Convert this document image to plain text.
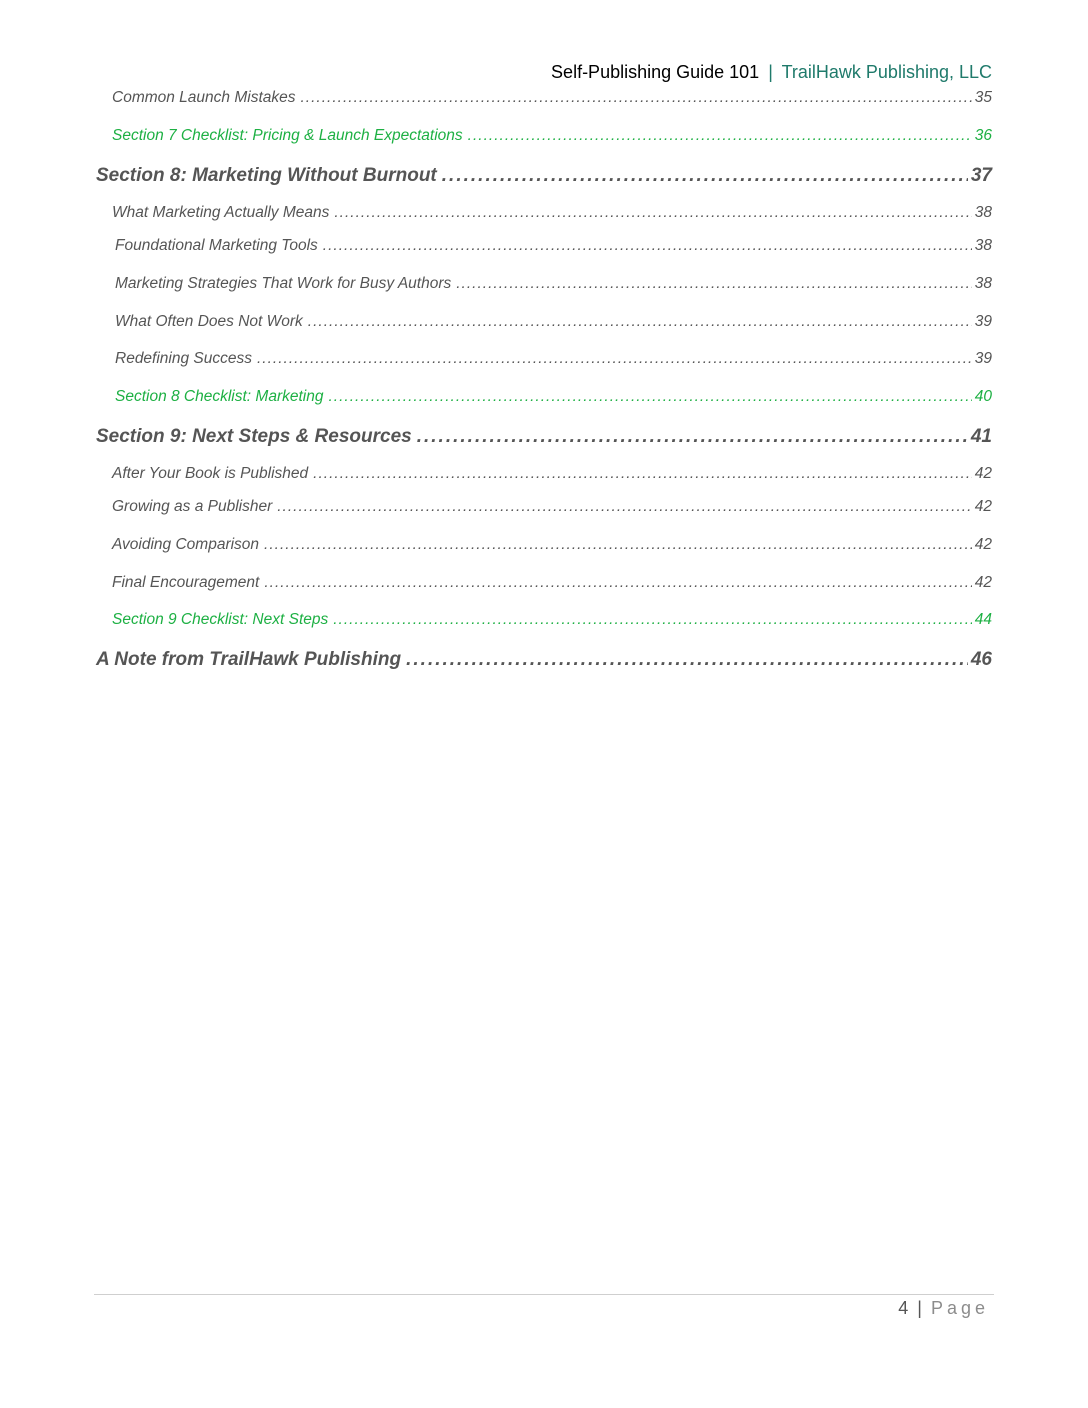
Self-Publishing Guide 101 | TrailHawk Publishing, LLC
Common Launch Mistakes .....	35
Section 7 Checklist: Pricing & Launch Expectations .....	36
Section 8: Marketing Without Burnout .....	37
What Marketing Actually Means .....	38
Foundational Marketing Tools .....	38
Marketing Strategies That Work for Busy Authors .....	38
What Often Does Not Work .....	39
Redefining Success .....	39
Section 8 Checklist: Marketing .....	40
Section 9: Next Steps & Resources .....	41
After Your Book is Published .....	42
Growing as a Publisher .....	42
Avoiding Comparison .....	42
Final Encouragement .....	42
Section 9 Checklist: Next Steps .....	44
A Note from TrailHawk Publishing .....	46
4 | Page
